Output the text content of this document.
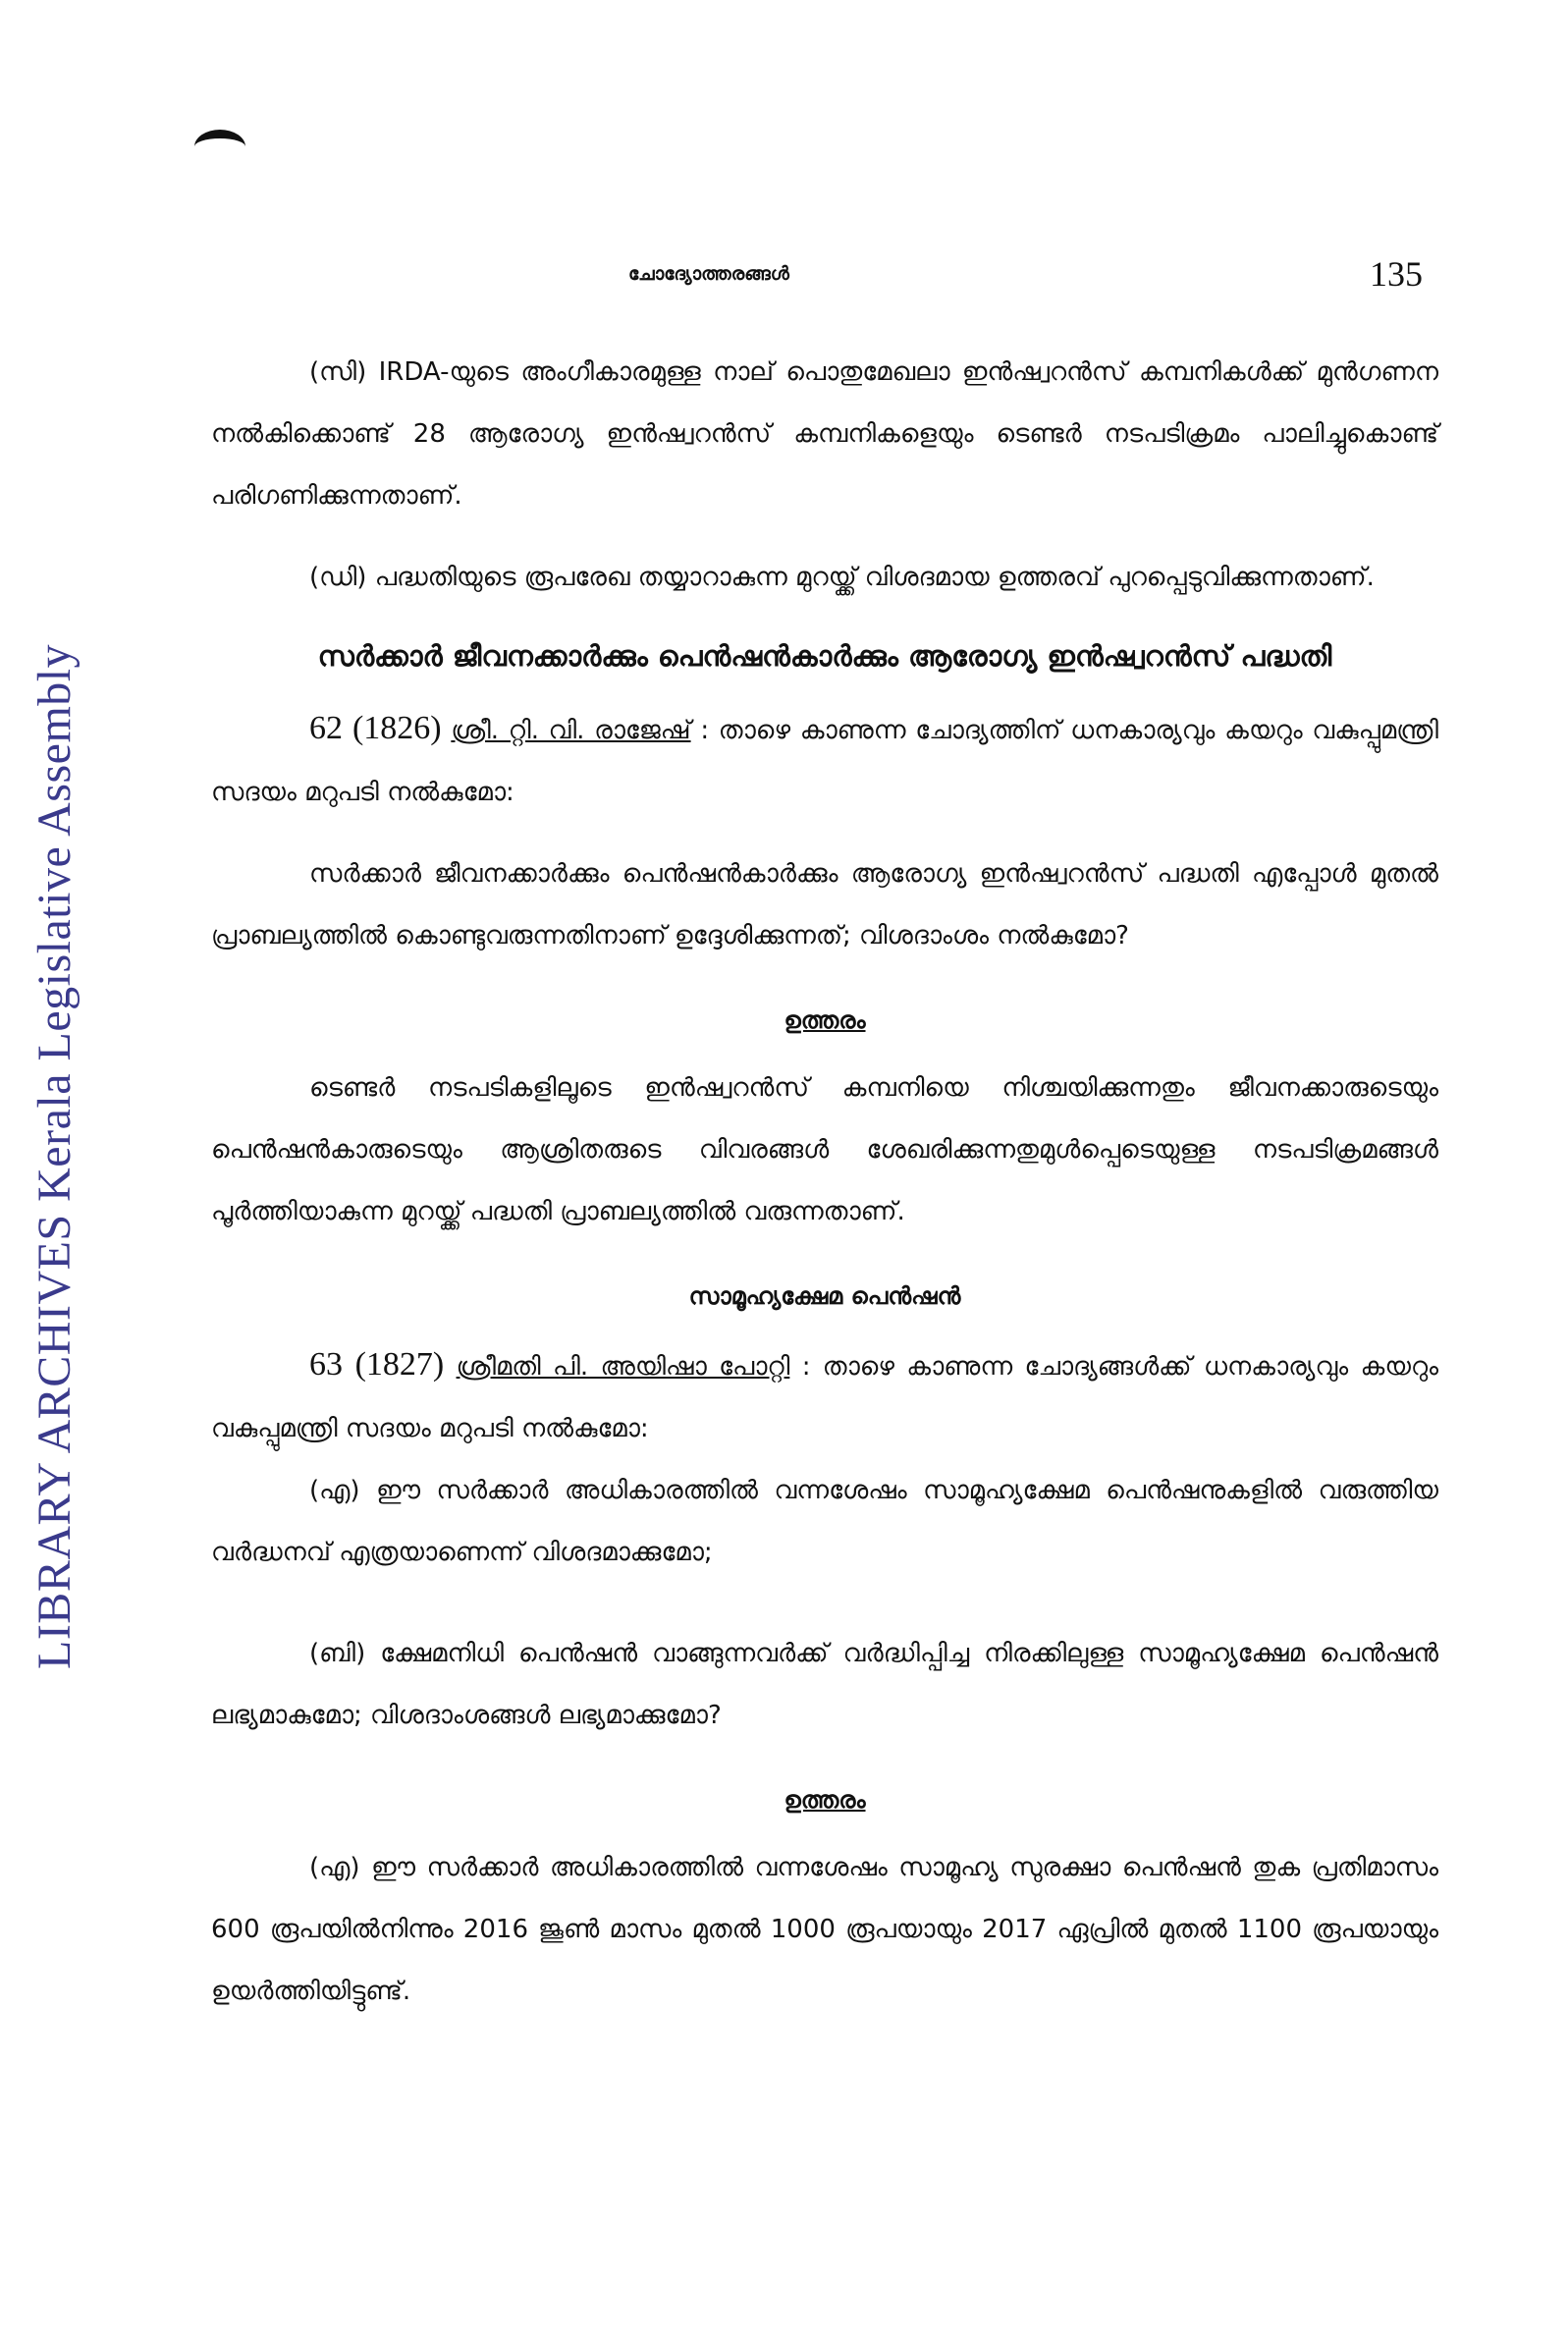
LIBRARY ARCHIVES Kerala Legislative Assembly
ചോദ്യോത്തരങ്ങൾ	135

(സി) IRDA-യുടെ അംഗീകാരമുള്ള നാല് പൊതുമേഖലാ ഇൻഷ്വറൻസ് കമ്പനികൾക്ക് മുൻഗണന നൽകിക്കൊണ്ട് 28 ആരോഗ്യ ഇൻഷ്വറൻസ് കമ്പനികളെയും ടെണ്ടർ നടപടിക്രമം പാലിച്ചുകൊണ്ട് പരിഗണിക്കുന്നതാണ്.

(ഡി) പദ്ധതിയുടെ രൂപരേഖ തയ്യാറാകുന്ന മുറയ്ക്ക് വിശദമായ ഉത്തരവ് പുറപ്പെടുവിക്കുന്നതാണ്.

സർക്കാർ ജീവനക്കാർക്കും പെൻഷൻകാർക്കും ആരോഗ്യ ഇൻഷ്വറൻസ് പദ്ധതി

62 (1826) ശ്രീ. റ്റി. വി. രാജേഷ് : താഴെ കാണുന്ന ചോദ്യത്തിന് ധനകാര്യവും കയറും വകുപ്പുമന്ത്രി സദയം മറുപടി നൽകുമോ:

സർക്കാർ ജീവനക്കാർക്കും പെൻഷൻകാർക്കും ആരോഗ്യ ഇൻഷ്വറൻസ് പദ്ധതി എപ്പോൾ മുതൽ പ്രാബല്യത്തിൽ കൊണ്ടുവരുന്നതിനാണ് ഉദ്ദേശിക്കുന്നത്; വിശദാംശം നൽകുമോ?

ഉത്തരം

ടെണ്ടർ നടപടികളിലൂടെ ഇൻഷ്വറൻസ് കമ്പനിയെ നിശ്ചയിക്കുന്നതും ജീവനക്കാരുടെയും പെൻഷൻകാരുടെയും ആശ്രിതരുടെ വിവരങ്ങൾ ശേഖരിക്കുന്നതുമുൾപ്പെടെയുള്ള നടപടിക്രമങ്ങൾ പൂർത്തിയാകുന്ന മുറയ്ക്ക് പദ്ധതി പ്രാബല്യത്തിൽ വരുന്നതാണ്.

സാമൂഹ്യക്ഷേമ പെൻഷൻ

63 (1827) ശ്രീമതി പി. അയിഷാ പോറ്റി : താഴെ കാണുന്ന ചോദ്യങ്ങൾക്ക് ധനകാര്യവും കയറും വകുപ്പുമന്ത്രി സദയം മറുപടി നൽകുമോ:

(എ) ഈ സർക്കാർ അധികാരത്തിൽ വന്നശേഷം സാമൂഹ്യക്ഷേമ പെൻഷനുകളിൽ വരുത്തിയ വർദ്ധനവ് എത്രയാണെന്ന് വിശദമാക്കുമോ;

(ബി) ക്ഷേമനിധി പെൻഷൻ വാങ്ങുന്നവർക്ക് വർദ്ധിപ്പിച്ച നിരക്കിലുള്ള സാമൂഹ്യക്ഷേമ പെൻഷൻ ലഭ്യമാകുമോ; വിശദാംശങ്ങൾ ലഭ്യമാക്കുമോ?

ഉത്തരം

(എ) ഈ സർക്കാർ അധികാരത്തിൽ വന്നശേഷം സാമൂഹ്യ സുരക്ഷാ പെൻഷൻ തുക പ്രതിമാസം 600 രൂപയിൽനിന്നും 2016 ജൂൺ മാസം മുതൽ 1000 രൂപയായും 2017 ഏപ്രിൽ മുതൽ 1100 രൂപയായും ഉയർത്തിയിട്ടുണ്ട്.
